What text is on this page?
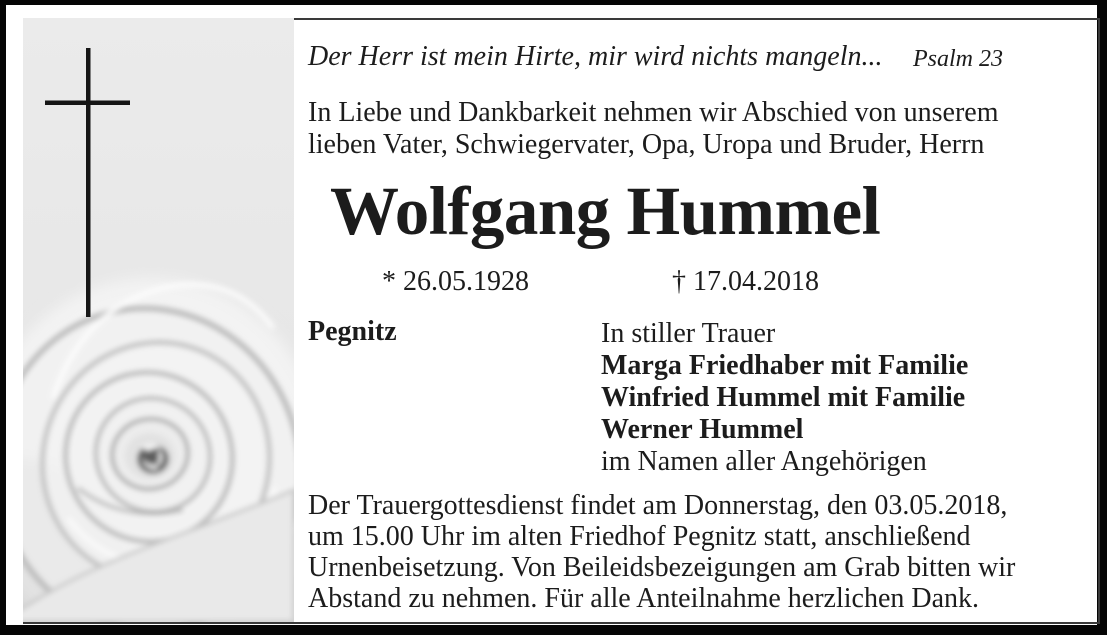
Der Herr ist mein Hirte, mir wird nichts mangeln... Psalm 23
In Liebe und Dankbarkeit nehmen wir Abschied von unserem
lieben Vater, Schwiegervater, Opa, Uropa und Bruder, Herrn
Wolfgang Hummel
* 26.05.1928	† 17.04.2018
Pegnitz	In stiller Trauer
Marga Friedhaber mit Familie
Winfried Hummel mit Familie
Werner Hummel
im Namen aller Angehörigen
Der Trauergottesdienst findet am Donnerstag, den 03.05.2018,
um 15.00 Uhr im alten Friedhof Pegnitz statt, anschließend
Urnenbeisetzung. Von Beileidsbezeigungen am Grab bitten wir
Abstand zu nehmen. Für alle Anteilnahme herzlichen Dank.
